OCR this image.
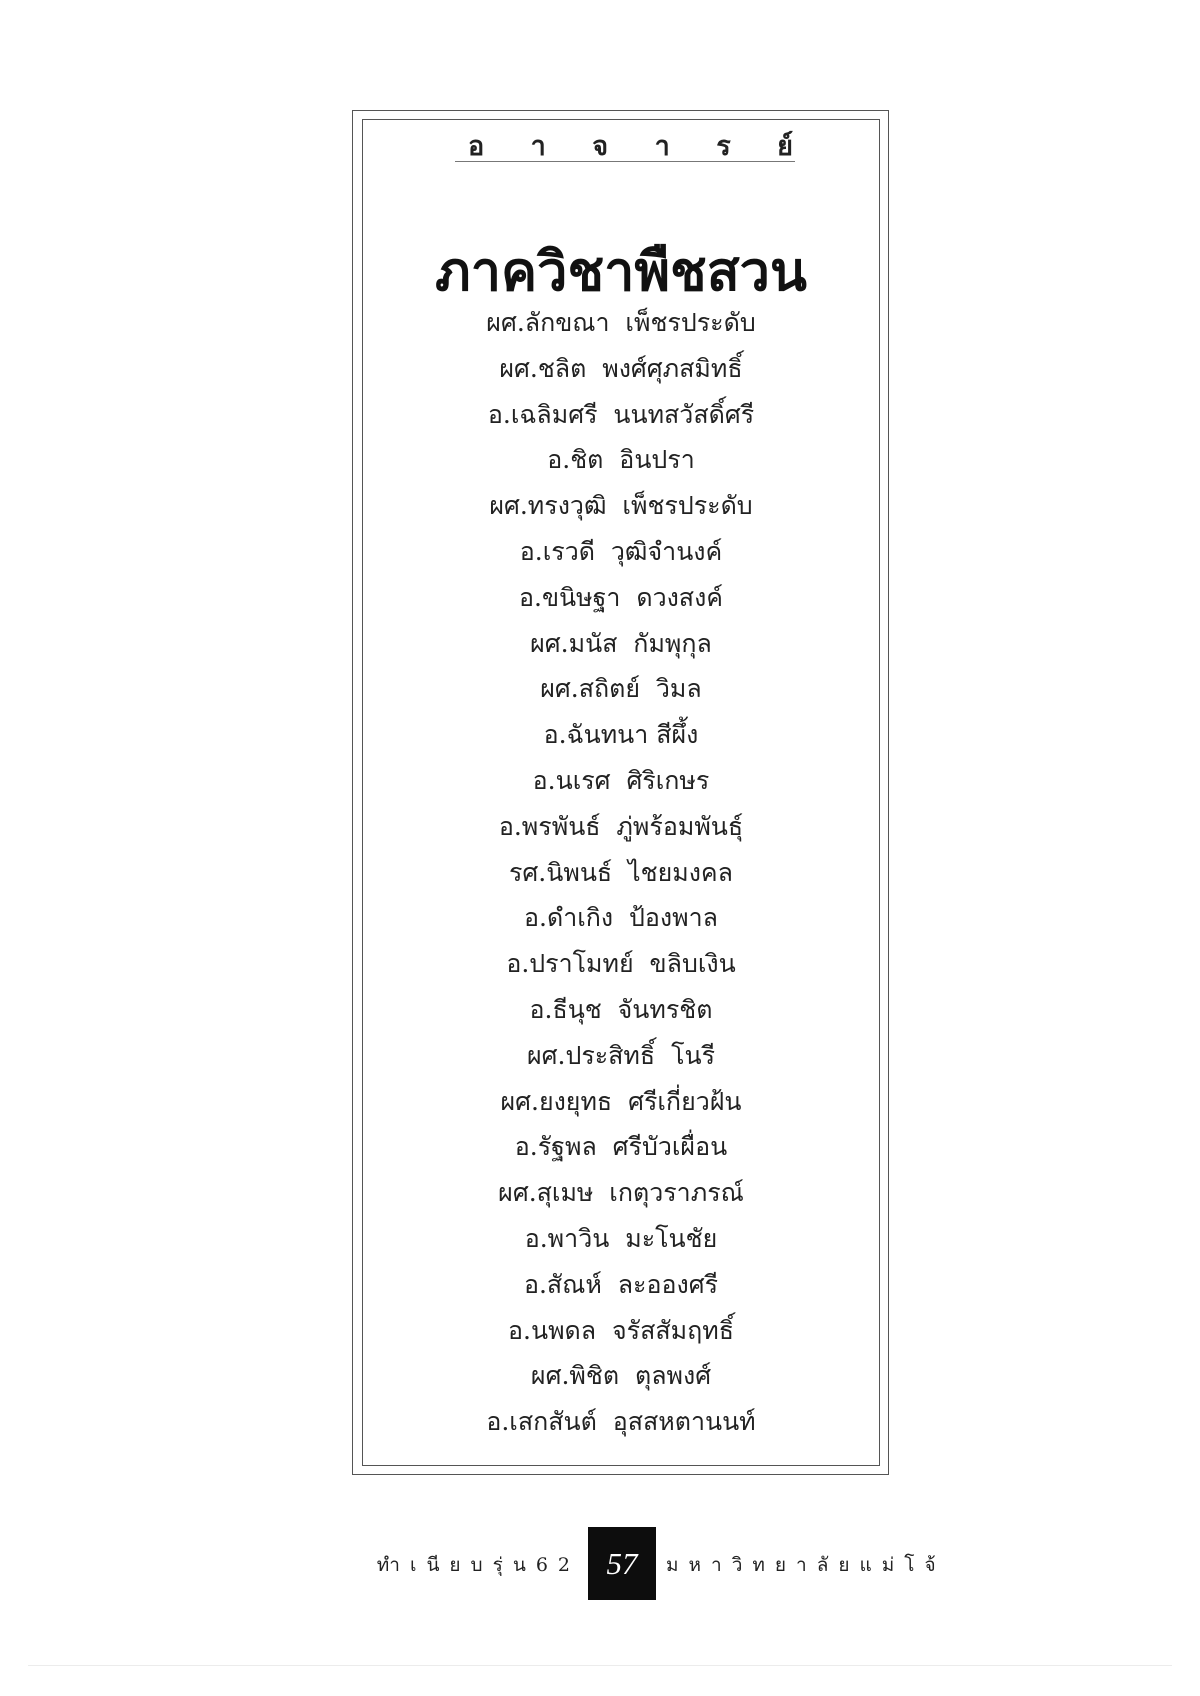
อ า จ า ร ย์
ภาควิชาพืชสวน
ผศ.ลักขณา  เพ็ชรประดับ
ผศ.ชลิต  พงศ์ศุภสมิทธิ์
อ.เฉลิมศรี  นนทสวัสดิ์ศรี
อ.ชิต  อินปรา
ผศ.ทรงวุฒิ  เพ็ชรประดับ
อ.เรวดี  วุฒิจำนงค์
อ.ขนิษฐา  ดวงสงค์
ผศ.มนัส  กัมพุกุล
ผศ.สถิตย์  วิมล
อ.ฉันทนา สีผึ้ง
อ.นเรศ  ศิริเกษร
อ.พรพันธ์  ภู่พร้อมพันธุ์
รศ.นิพนธ์  ไชยมงคล
อ.ดำเกิง  ป้องพาล
อ.ปราโมทย์  ขลิบเงิน
อ.ธีนุช  จันทรชิต
ผศ.ประสิทธิ์  โนรี
ผศ.ยงยุทธ  ศรีเกี่ยวฝ้น
อ.รัฐพล  ศรีบัวเผื่อน
ผศ.สุเมษ  เกตุวราภรณ์
อ.พาวิน  มะโนชัย
อ.สัณห์  ละอองศรี
อ.นพดล  จรัสสัมฤทธิ์
ผศ.พิชิต  ตุลพงศ์
อ.เสกสันต์  อุสสหตานนท์
ทำเนียบรุ่น62 57	มหาวิทยาลัยแม่โจ้
